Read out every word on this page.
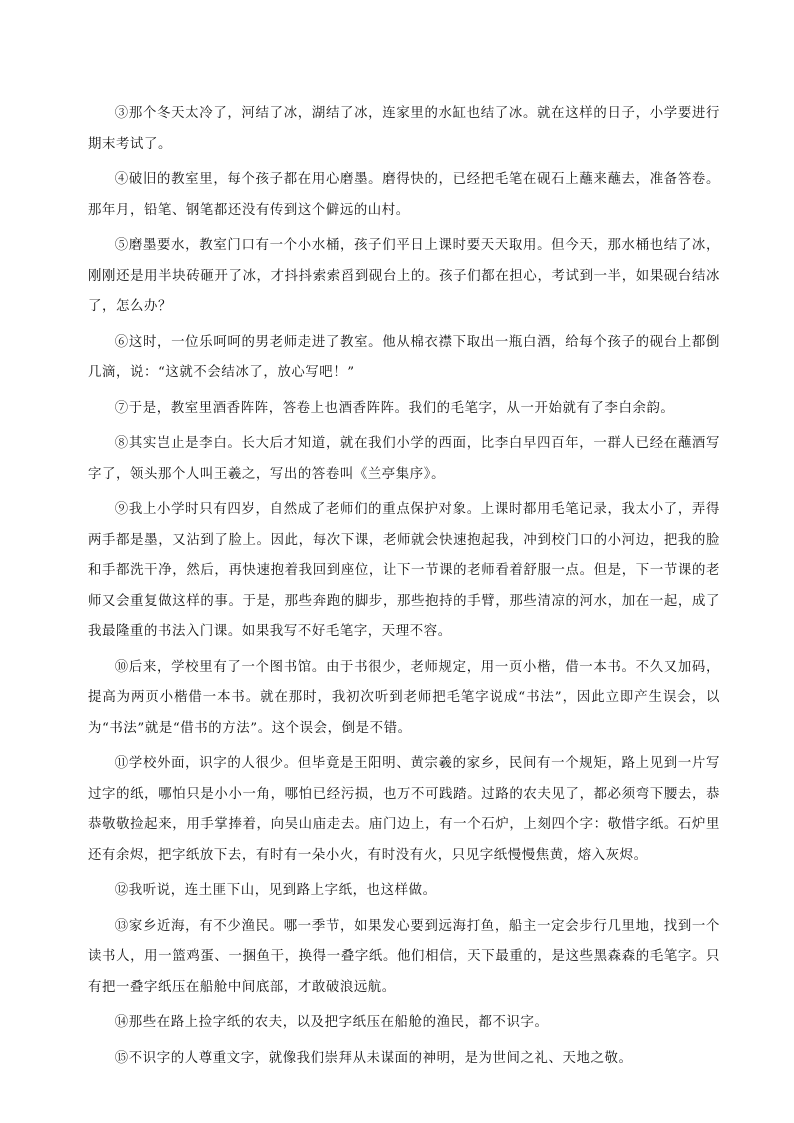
③那个冬天太冷了，河结了冰，湖结了冰，连家里的水缸也结了冰。就在这样的日子，小学要进行期末考试了。

④破旧的教室里，每个孩子都在用心磨墨。磨得快的，已经把毛笔在砚石上蘸来蘸去，准备答卷。那年月，铅笔、钢笔都还没有传到这个僻远的山村。

⑤磨墨要水，教室门口有一个小水桶，孩子们平日上课时要天天取用。但今天，那水桶也结了冰，刚刚还是用半块砖砸开了冰，才抖抖索索舀到砚台上的。孩子们都在担心，考试到一半，如果砚台结冰了，怎么办？

⑥这时，一位乐呵呵的男老师走进了教室。他从棉衣襟下取出一瓶白酒，给每个孩子的砚台上都倒几滴，说：“这就不会结冰了，放心写吧！”

⑦于是，教室里酒香阵阵，答卷上也酒香阵阵。我们的毛笔字，从一开始就有了李白余韵。

⑧其实岂止是李白。长大后才知道，就在我们小学的西面，比李白早四百年，一群人已经在蘸酒写字了，领头那个人叫王羲之，写出的答卷叫《兰亭集序》。

⑨我上小学时只有四岁，自然成了老师们的重点保护对象。上课时都用毛笔记录，我太小了，弄得两手都是墨，又沾到了脸上。因此，每次下课，老师就会快速抱起我，冲到校门口的小河边，把我的脸和手都洗干净，然后，再快速抱着我回到座位，让下一节课的老师看着舒服一点。但是，下一节课的老师又会重复做这样的事。于是，那些奔跑的脚步，那些抱持的手臂，那些清凉的河水，加在一起，成了我最隆重的书法入门课。如果我写不好毛笔字，天理不容。

⑩后来，学校里有了一个图书馆。由于书很少，老师规定，用一页小楷，借一本书。不久又加码，提高为两页小楷借一本书。就在那时，我初次听到老师把毛笔字说成“书法”，因此立即产生误会，以为“书法”就是“借书的方法”。这个误会，倒是不错。

⑪学校外面，识字的人很少。但毕竟是王阳明、黄宗羲的家乡，民间有一个规矩，路上见到一片写过字的纸，哪怕只是小小一角，哪怕已经污损，也万不可践踏。过路的农夫见了，都必须弯下腰去，恭恭敬敬捡起来，用手掌捧着，向吴山庙走去。庙门边上，有一个石炉，上刻四个字：敬惜字纸。石炉里还有余烬，把字纸放下去，有时有一朵小火，有时没有火，只见字纸慢慢焦黄，熔入灰烬。

⑫我听说，连土匪下山，见到路上字纸，也这样做。

⑬家乡近海，有不少渔民。哪一季节，如果发心要到远海打鱼，船主一定会步行几里地，找到一个读书人，用一篮鸡蛋、一捆鱼干，换得一叠字纸。他们相信，天下最重的，是这些黑森森的毛笔字。只有把一叠字纸压在船舱中间底部，才敢破浪远航。

⑭那些在路上捡字纸的农夫，以及把字纸压在船舱的渔民，都不识字。

⑮不识字的人尊重文字，就像我们崇拜从未谋面的神明，是为世间之礼、天地之敬。
